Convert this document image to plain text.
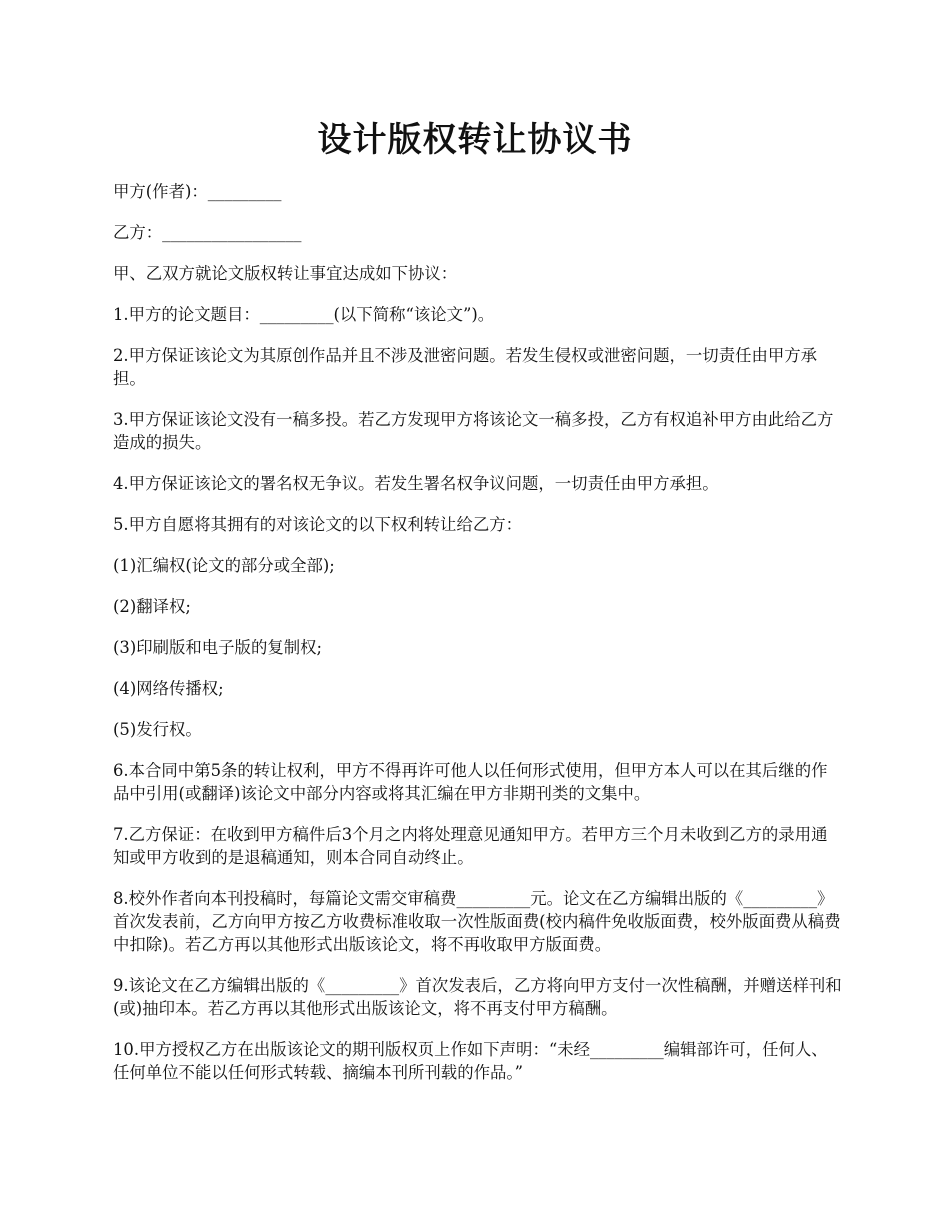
设计版权转让协议书

甲方(作者)：_________

乙方：_________________

甲、乙双方就论文版权转让事宜达成如下协议：

1.甲方的论文题目：_________(以下简称“该论文”)。

2.甲方保证该论文为其原创作品并且不涉及泄密问题。若发生侵权或泄密问题，一切责任由甲方承担。

3.甲方保证该论文没有一稿多投。若乙方发现甲方将该论文一稿多投，乙方有权追补甲方由此给乙方造成的损失。

4.甲方保证该论文的署名权无争议。若发生署名权争议问题，一切责任由甲方承担。

5.甲方自愿将其拥有的对该论文的以下权利转让给乙方：

(1)汇编权(论文的部分或全部);

(2)翻译权;

(3)印刷版和电子版的复制权;

(4)网络传播权;

(5)发行权。

6.本合同中第5条的转让权利，甲方不得再许可他人以任何形式使用，但甲方本人可以在其后继的作品中引用(或翻译)该论文中部分内容或将其汇编在甲方非期刊类的文集中。

7.乙方保证：在收到甲方稿件后3个月之内将处理意见通知甲方。若甲方三个月未收到乙方的录用通知或甲方收到的是退稿通知，则本合同自动终止。

8.校外作者向本刊投稿时，每篇论文需交审稿费_________元。论文在乙方编辑出版的《_________》首次发表前，乙方向甲方按乙方收费标准收取一次性版面费(校内稿件免收版面费，校外版面费从稿费中扣除)。若乙方再以其他形式出版该论文，将不再收取甲方版面费。

9.该论文在乙方编辑出版的《_________》首次发表后，乙方将向甲方支付一次性稿酬，并赠送样刊和(或)抽印本。若乙方再以其他形式出版该论文，将不再支付甲方稿酬。

10.甲方授权乙方在出版该论文的期刊版权页上作如下声明：“未经_________编辑部许可，任何人、任何单位不能以任何形式转载、摘编本刊所刊载的作品。”
